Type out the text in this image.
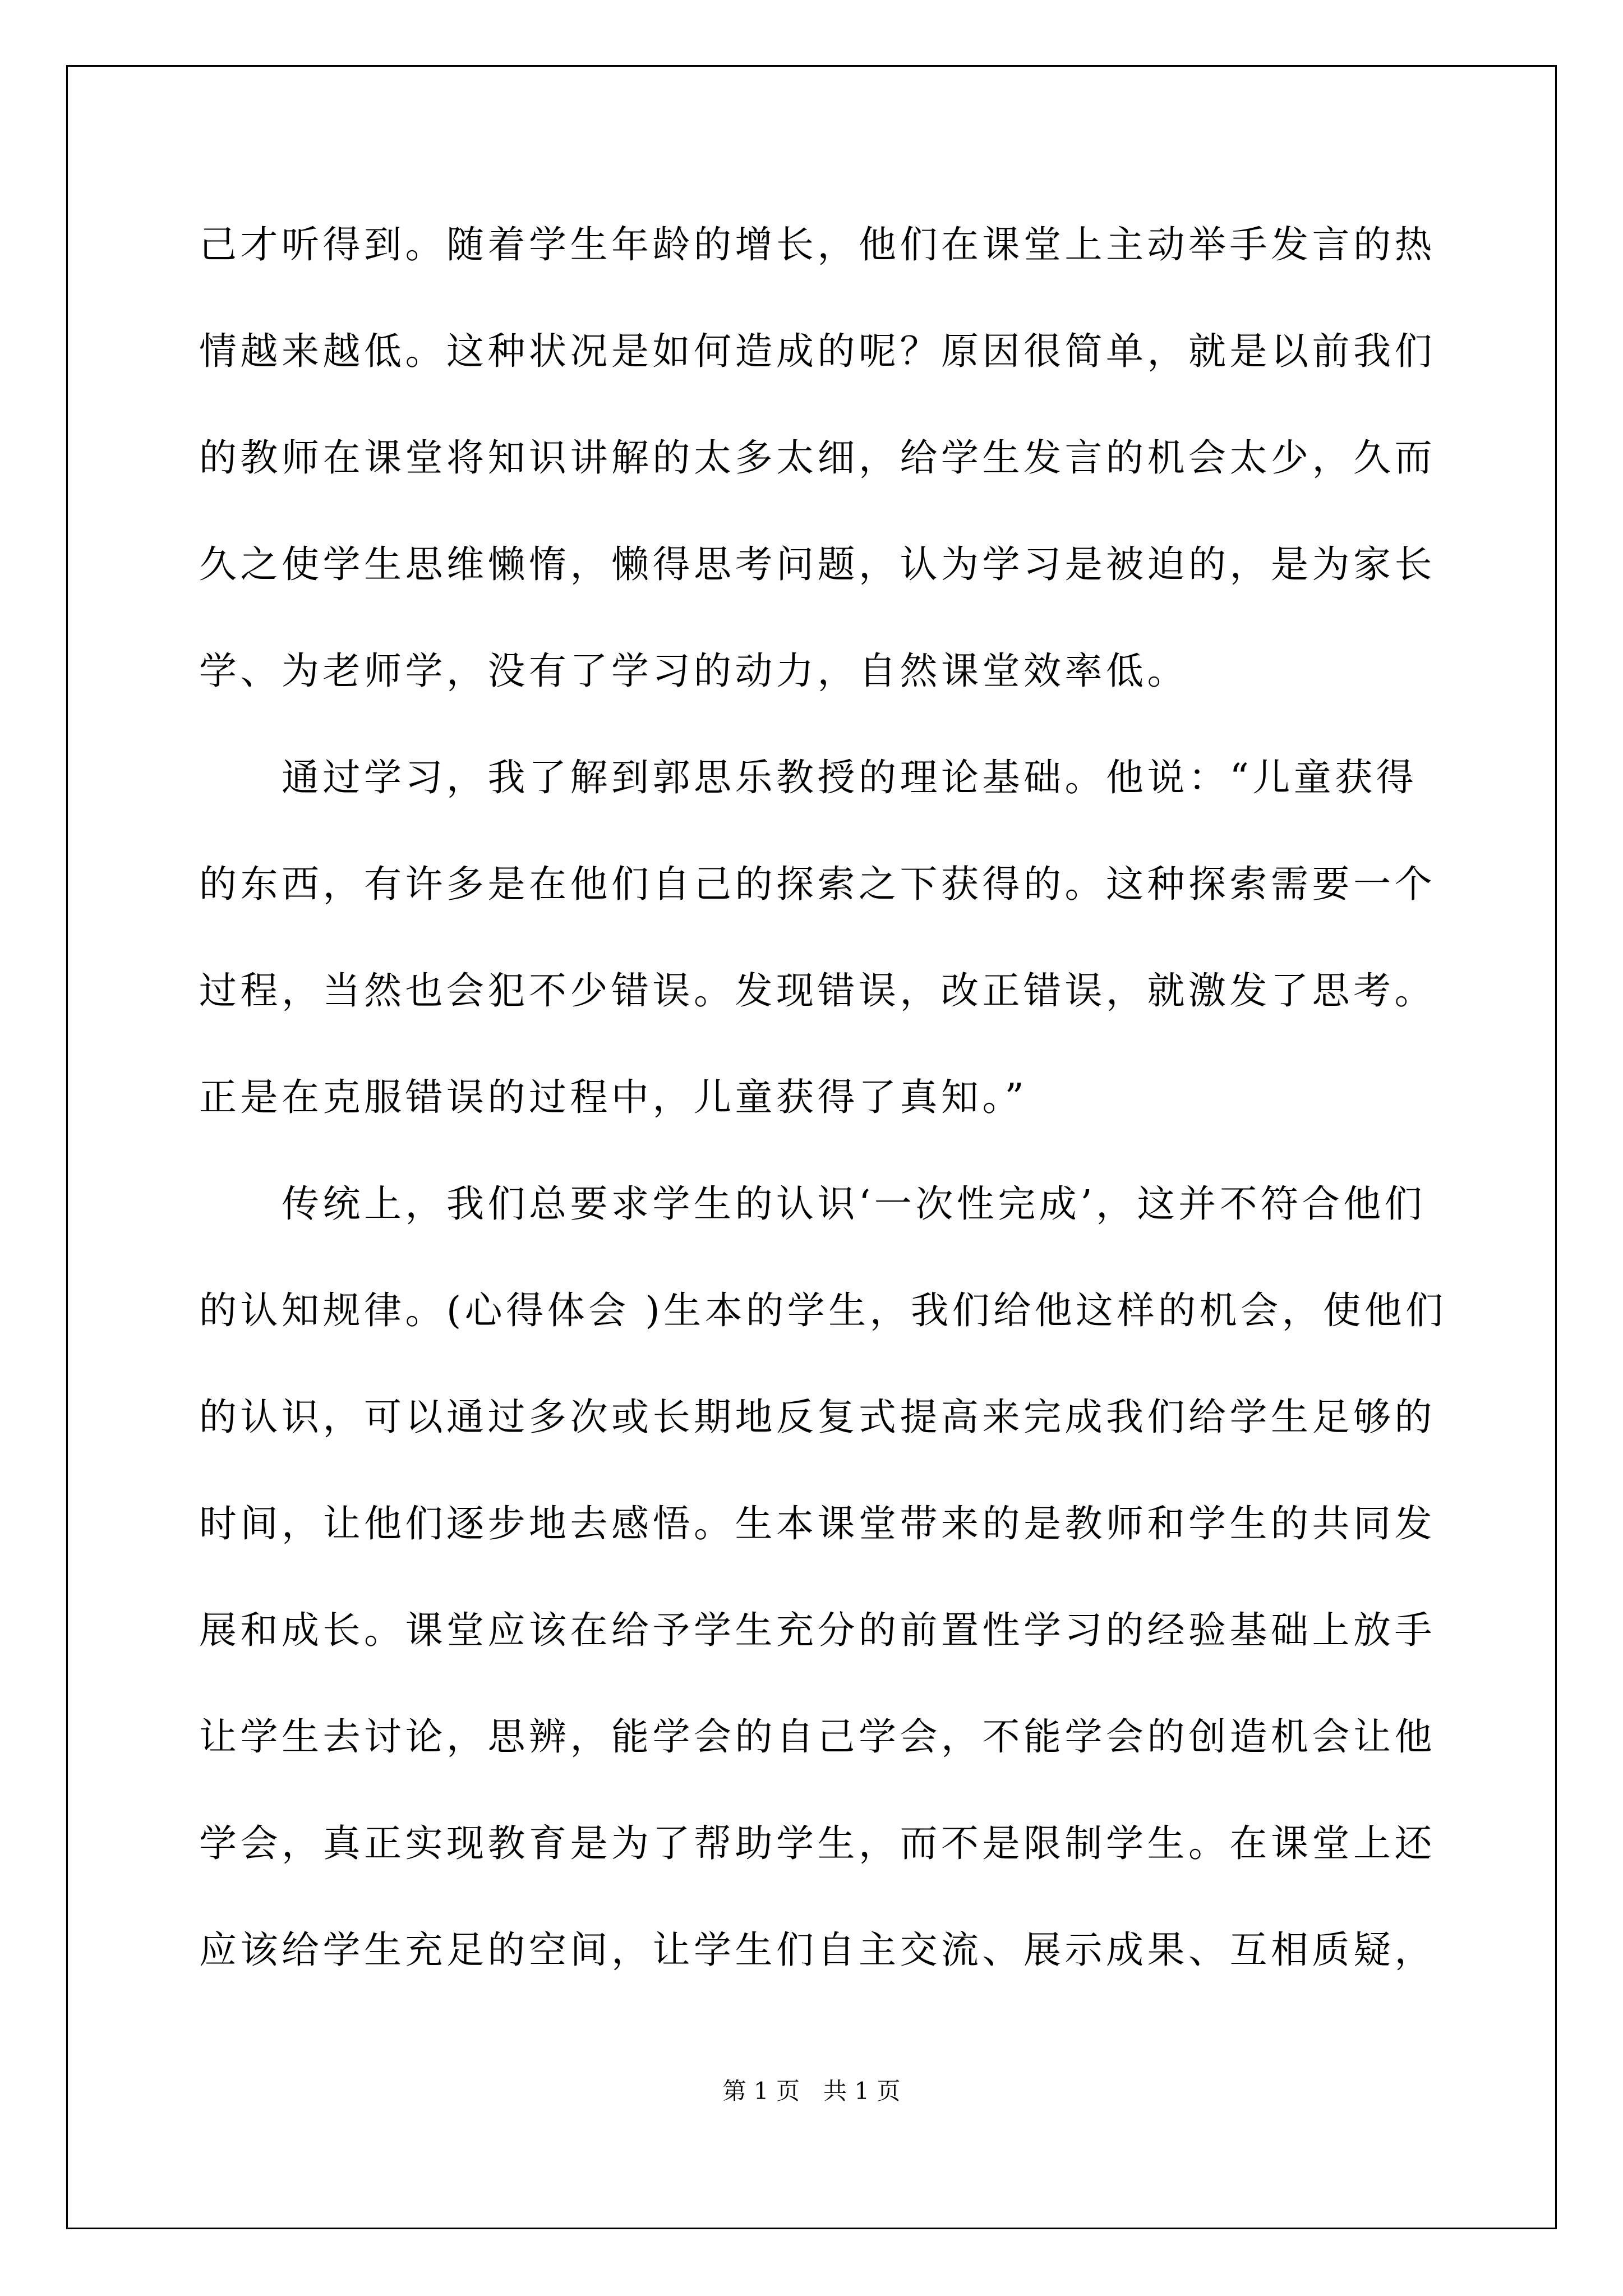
己才听得到。随着学生年龄的增长，他们在课堂上主动举手发言的热
情越来越低。这种状况是如何造成的呢？原因很简单，就是以前我们
的教师在课堂将知识讲解的太多太细，给学生发言的机会太少，久而
久之使学生思维懒惰，懒得思考问题，认为学习是被迫的，是为家长
学、为老师学，没有了学习的动力，自然课堂效率低。
通过学习，我了解到郭思乐教授的理论基础。他说：“儿童获得
的东西，有许多是在他们自己的探索之下获得的。这种探索需要一个
过程，当然也会犯不少错误。发现错误，改正错误，就激发了思考。
正是在克服错误的过程中，儿童获得了真知。”
传统上，我们总要求学生的认识‘一次性完成’，这并不符合他们
的认知规律。(心得体会 )生本的学生，我们给他这样的机会，使他们
的认识，可以通过多次或长期地反复式提高来完成我们给学生足够的
时间，让他们逐步地去感悟。生本课堂带来的是教师和学生的共同发
展和成长。课堂应该在给予学生充分的前置性学习的经验基础上放手
让学生去讨论，思辨，能学会的自己学会，不能学会的创造机会让他
学会，真正实现教育是为了帮助学生，而不是限制学生。在课堂上还
应该给学生充足的空间，让学生们自主交流、展示成果、互相质疑，
第 1 页　共 1 页
